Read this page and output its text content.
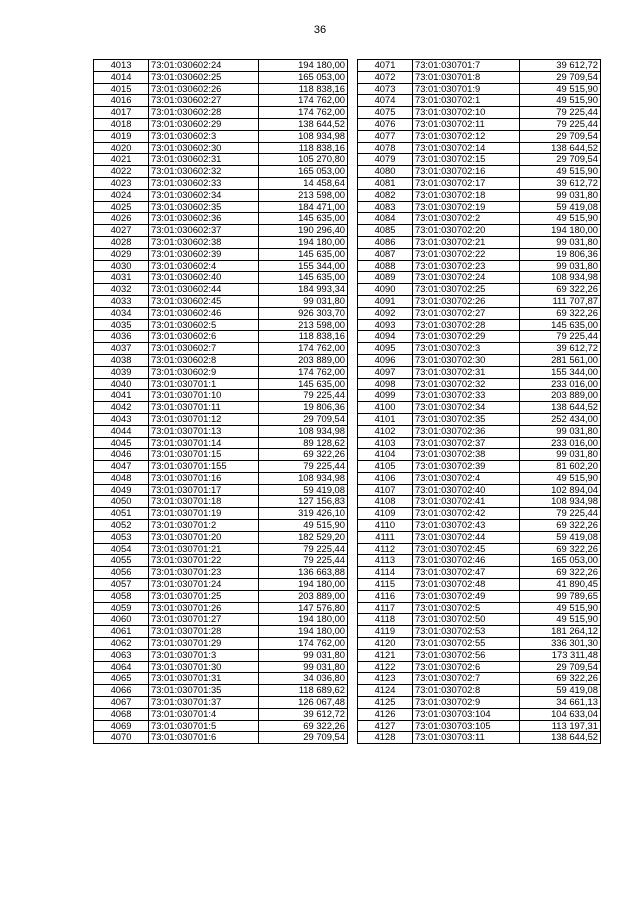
36
4013	73:01:030602:24	194 180,00
4014	73:01:030602:25	165 053,00
4015	73:01:030602:26	118 838,16
4016	73:01:030602:27	174 762,00
4017	73:01:030602:28	174 762,00
4018	73:01:030602:29	138 644,52
4019	73:01:030602:3	108 934,98
4020	73:01:030602:30	118 838,16
4021	73:01:030602:31	105 270,80
4022	73:01:030602:32	165 053,00
4023	73:01:030602:33	14 458,64
4024	73:01:030602:34	213 598,00
4025	73:01:030602:35	184 471,00
4026	73:01:030602:36	145 635,00
4027	73:01:030602:37	190 296,40
4028	73:01:030602:38	194 180,00
4029	73:01:030602:39	145 635,00
4030	73:01:030602:4	155 344,00
4031	73:01:030602:40	145 635,00
4032	73:01:030602:44	184 993,34
4033	73:01:030602:45	99 031,80
4034	73:01:030602:46	926 303,70
4035	73:01:030602:5	213 598,00
4036	73:01:030602:6	118 838,16
4037	73:01:030602:7	174 762,00
4038	73:01:030602:8	203 889,00
4039	73:01:030602:9	174 762,00
4040	73:01:030701:1	145 635,00
4041	73:01:030701:10	79 225,44
4042	73:01:030701:11	19 806,36
4043	73:01:030701:12	29 709,54
4044	73:01:030701:13	108 934,98
4045	73:01:030701:14	89 128,62
4046	73:01:030701:15	69 322,26
4047	73:01:030701:155	79 225,44
4048	73:01:030701:16	108 934,98
4049	73:01:030701:17	59 419,08
4050	73:01:030701:18	127 156,83
4051	73:01:030701:19	319 426,10
4052	73:01:030701:2	49 515,90
4053	73:01:030701:20	182 529,20
4054	73:01:030701:21	79 225,44
4055	73:01:030701:22	79 225,44
4056	73:01:030701:23	136 663,88
4057	73:01:030701:24	194 180,00
4058	73:01:030701:25	203 889,00
4059	73:01:030701:26	147 576,80
4060	73:01:030701:27	194 180,00
4061	73:01:030701:28	194 180,00
4062	73:01:030701:29	174 762,00
4063	73:01:030701:3	99 031,80
4064	73:01:030701:30	99 031,80
4065	73:01:030701:31	34 036,80
4066	73:01:030701:35	118 689,62
4067	73:01:030701:37	126 067,48
4068	73:01:030701:4	39 612,72
4069	73:01:030701:5	69 322,26
4070	73:01:030701:6	29 709,54
4071	73:01:030701:7	39 612,72
4072	73:01:030701:8	29 709,54
4073	73:01:030701:9	49 515,90
4074	73:01:030702:1	49 515,90
4075	73:01:030702:10	79 225,44
4076	73:01:030702:11	79 225,44
4077	73:01:030702:12	29 709,54
4078	73:01:030702:14	138 644,52
4079	73:01:030702:15	29 709,54
4080	73:01:030702:16	49 515,90
4081	73:01:030702:17	39 612,72
4082	73:01:030702:18	99 031,80
4083	73:01:030702:19	59 419,08
4084	73:01:030702:2	49 515,90
4085	73:01:030702:20	194 180,00
4086	73:01:030702:21	99 031,80
4087	73:01:030702:22	19 806,36
4088	73:01:030702:23	99 031,80
4089	73:01:030702:24	108 934,98
4090	73:01:030702:25	69 322,26
4091	73:01:030702:26	111 707,87
4092	73:01:030702:27	69 322,26
4093	73:01:030702:28	145 635,00
4094	73:01:030702:29	79 225,44
4095	73:01:030702:3	39 612,72
4096	73:01:030702:30	281 561,00
4097	73:01:030702:31	155 344,00
4098	73:01:030702:32	233 016,00
4099	73:01:030702:33	203 889,00
4100	73:01:030702:34	138 644,52
4101	73:01:030702:35	252 434,00
4102	73:01:030702:36	99 031,80
4103	73:01:030702:37	233 016,00
4104	73:01:030702:38	99 031,80
4105	73:01:030702:39	81 602,20
4106	73:01:030702:4	49 515,90
4107	73:01:030702:40	102 894,04
4108	73:01:030702:41	108 934,98
4109	73:01:030702:42	79 225,44
4110	73:01:030702:43	69 322,26
4111	73:01:030702:44	59 419,08
4112	73:01:030702:45	69 322,26
4113	73:01:030702:46	165 053,00
4114	73:01:030702:47	69 322,26
4115	73:01:030702:48	41 890,45
4116	73:01:030702:49	99 789,65
4117	73:01:030702:5	49 515,90
4118	73:01:030702:50	49 515,90
4119	73:01:030702:53	181 264,12
4120	73:01:030702:55	336 301,30
4121	73:01:030702:56	173 311,48
4122	73:01:030702:6	29 709,54
4123	73:01:030702:7	69 322,26
4124	73:01:030702:8	59 419,08
4125	73:01:030702:9	34 661,13
4126	73:01:030703:104	104 633,04
4127	73:01:030703:105	113 197,31
4128	73:01:030703:11	138 644,52
